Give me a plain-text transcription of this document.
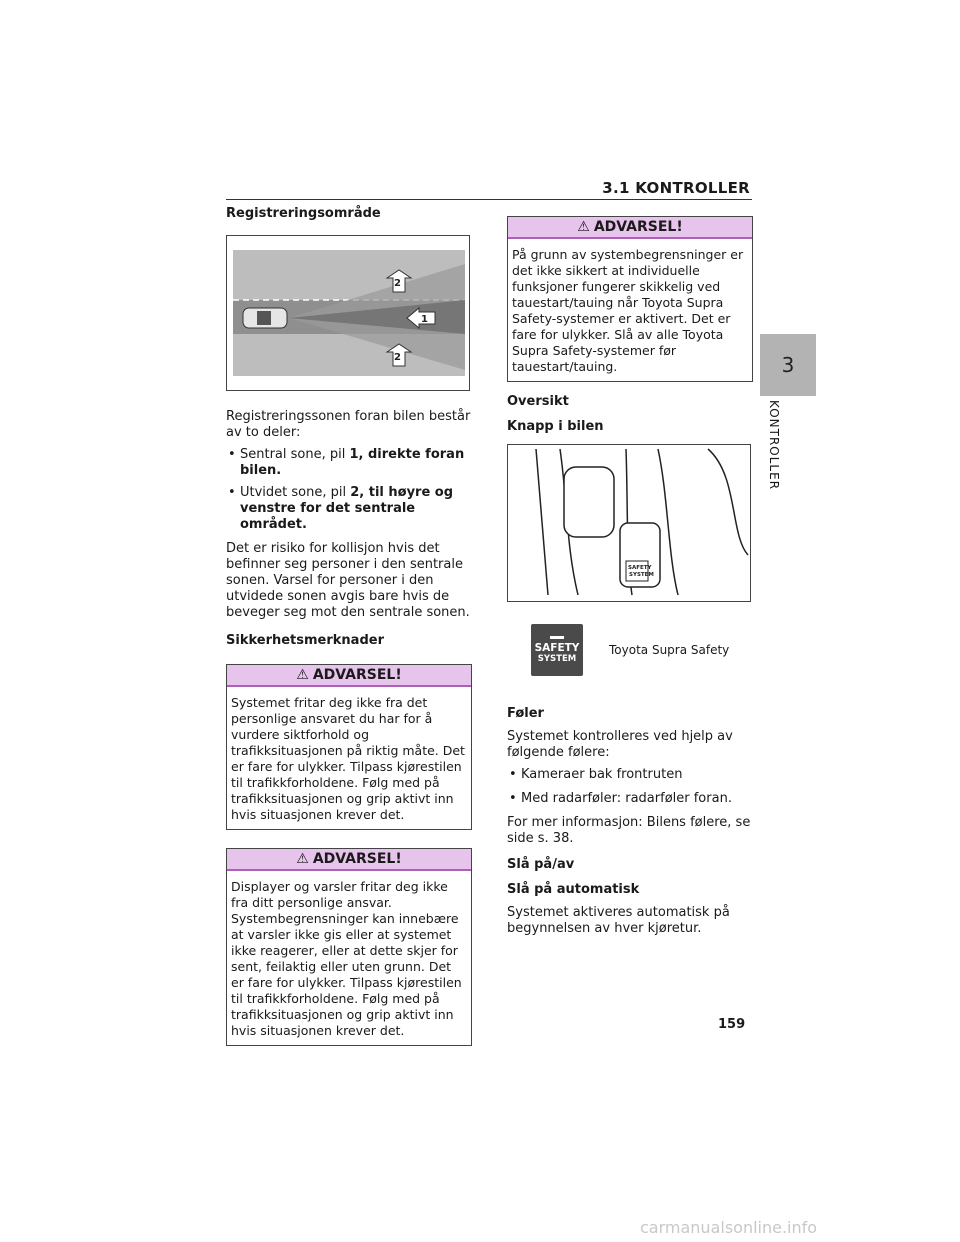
3.1 KONTROLLER
3
KONTROLLER
Registreringsområde
2
1
2

Registreringssonen foran bilen består av to deler:

• Sentral sone, pil 1, direkte foran bilen.
• Utvidet sone, pil 2, til høyre og venstre for det sentrale området.

Det er risiko for kollisjon hvis det befinner seg personer i den sentrale sonen. Varsel for personer i den utvidede sonen avgis bare hvis de beveger seg mot den sentrale sonen.

Sikkerhetsmerknader
⚠ ADVARSEL!
Systemet fritar deg ikke fra det personlige ansvaret du har for å vurdere siktforhold og trafikksituasjonen på riktig måte. Det er fare for ulykker. Tilpass kjørestilen til trafikkforholdene. Følg med på trafikksituasjonen og grip aktivt inn hvis situasjonen krever det.
⚠ ADVARSEL!
Displayer og varsler fritar deg ikke fra ditt personlige ansvar. Systembegrensninger kan innebære at varsler ikke gis eller at systemet ikke reagerer, eller at dette skjer for sent, feilaktig eller uten grunn. Det er fare for ulykker. Tilpass kjørestilen til trafikkforholdene. Følg med på trafikksituasjonen og grip aktivt inn hvis situasjonen krever det.
⚠ ADVARSEL!
På grunn av systembegrensninger er det ikke sikkert at individuelle funksjoner fungerer skikkelig ved tauestart/tauing når Toyota Supra Safety-systemer er aktivert. Det er fare for ulykker. Slå av alle Toyota Supra Safety-systemer før tauestart/tauing.
Oversikt
Knapp i bilen
SAFETY
SYSTEM
SAFETY
SYSTEM
Toyota Supra Safety
Føler

Systemet kontrolleres ved hjelp av følgende følere:

• Kameraer bak frontruten
• Med radarføler: radarføler foran.

For mer informasjon: Bilens følere, se side s. 38.

Slå på/av
Slå på automatisk

Systemet aktiveres automatisk på begynnelsen av hver kjøretur.

159
carmanualsonline.info
